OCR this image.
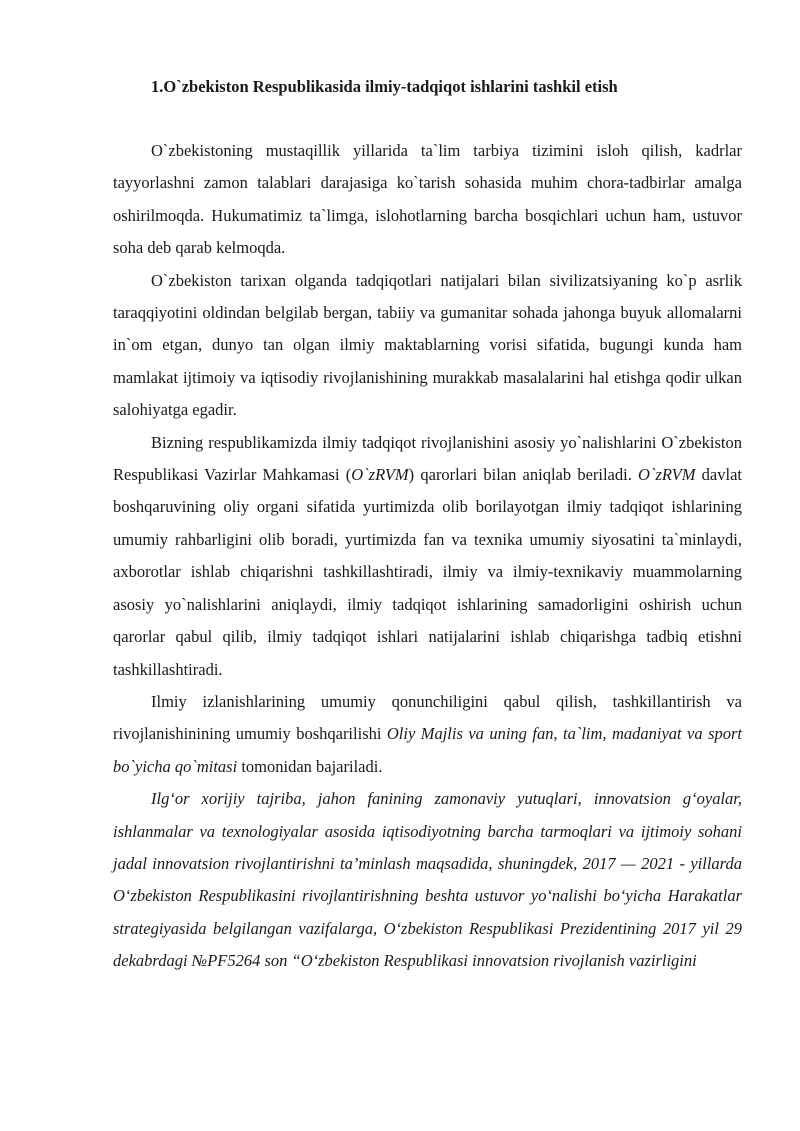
1.O`zbekiston Respublikasida ilmiy-tadqiqot ishlarini tashkil etish

O`zbekistoning mustaqillik yillarida ta`lim tarbiya tizimini isloh qilish, kadrlar tayyorlashni zamon talablari darajasiga ko`tarish sohasida muhim chora-tadbirlar amalga oshirilmoqda. Hukumatimiz ta`limga, islohotlarning barcha bosqichlari uchun ham, ustuvor soha deb qarab kelmoqda.

O`zbekiston tarixan olganda tadqiqotlari natijalari bilan sivilizatsiyaning ko`p asrlik taraqqiyotini oldindan belgilab bergan, tabiiy va gumanitar sohada jahonga buyuk allomalarni in`om etgan, dunyo tan olgan ilmiy maktablarning vorisi sifatida, bugungi kunda ham mamlakat ijtimoiy va iqtisodiy rivojlanishining murakkab masalalarini hal etishga qodir ulkan salohiyatga egadir.

Bizning respublikamizda ilmiy tadqiqot rivojlanishini asosiy yo`nalishlarini O`zbekiston Respublikasi Vazirlar Mahkamasi (O`zRVM) qarorlari bilan aniqlab beriladi. O`zRVM davlat boshqaruvining oliy organi sifatida yurtimizda olib borilayotgan ilmiy tadqiqot ishlarining umumiy rahbarligini olib boradi, yurtimizda fan va texnika umumiy siyosatini ta`minlaydi, axborotlar ishlab chiqarishni tashkillashtiradi, ilmiy va ilmiy-texnikaviy muammolarning asosiy yo`nalishlarini aniqlaydi, ilmiy tadqiqot ishlarining samadorligini oshirish uchun qarorlar qabul qilib, ilmiy tadqiqot ishlari natijalarini ishlab chiqarishga tadbiq etishni tashkillashtiradi.

Ilmiy izlanishlarining umumiy qonunchiligini qabul qilish, tashkillantirish va rivojlanishinining umumiy boshqarilishi Oliy Majlis va uning fan, ta`lim, madaniyat va sport bo`yicha qo`mitasi tomonidan bajariladi.

Ilg‘or xorijiy tajriba, jahon fanining zamonaviy yutuqlari, innovatsion g‘oyalar, ishlanmalar va texnologiyalar asosida iqtisodiyotning barcha tarmoqlari va ijtimoiy sohani jadal innovatsion rivojlantirishni ta’minlash maqsadida, shuningdek, 2017 — 2021 - yillarda O‘zbekiston Respublikasini rivojlantirishning beshta ustuvor yo‘nalishi bo‘yicha Harakatlar strategiyasida belgilangan vazifalarga, O‘zbekiston Respublikasi Prezidentining 2017 yil 29 dekabrdagi №PF5264 son “O‘zbekiston Respublikasi innovatsion rivojlanish vazirligini
